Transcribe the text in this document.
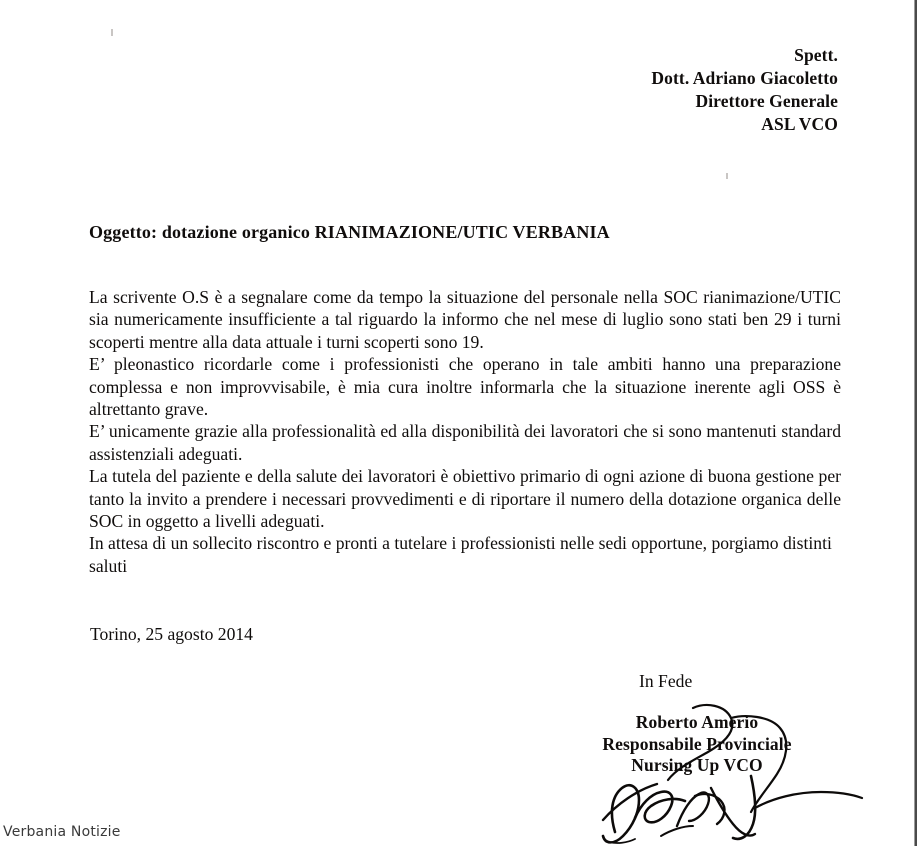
Spett.
Dott. Adriano Giacoletto
Direttore Generale
ASL VCO
Oggetto: dotazione organico RIANIMAZIONE/UTIC VERBANIA

La scrivente O.S è a segnalare come da tempo la situazione del personale nella SOC rianimazione/UTIC sia numericamente insufficiente a tal riguardo la informo che nel mese di luglio sono stati ben 29 i turni scoperti mentre alla data attuale i turni scoperti sono 19.

E’ pleonastico ricordarle come i professionisti che operano in tale ambiti hanno una preparazione complessa e non improvvisabile, è mia cura inoltre informarla che la situazione inerente agli OSS è altrettanto grave.

E’ unicamente grazie alla professionalità ed alla disponibilità dei lavoratori che si sono mantenuti standard assistenziali adeguati.

La tutela del paziente e della salute dei lavoratori è obiettivo primario di ogni azione di buona gestione per tanto la invito a prendere i necessari provvedimenti e di riportare il numero della dotazione organica delle SOC in oggetto a livelli adeguati.

In attesa di un sollecito riscontro e pronti a tutelare i professionisti nelle sedi opportune, porgiamo distinti saluti

Torino, 25 agosto 2014
In Fede
Roberto Amerio
Responsabile Provinciale
Nursing Up VCO
Verbania Notizie
